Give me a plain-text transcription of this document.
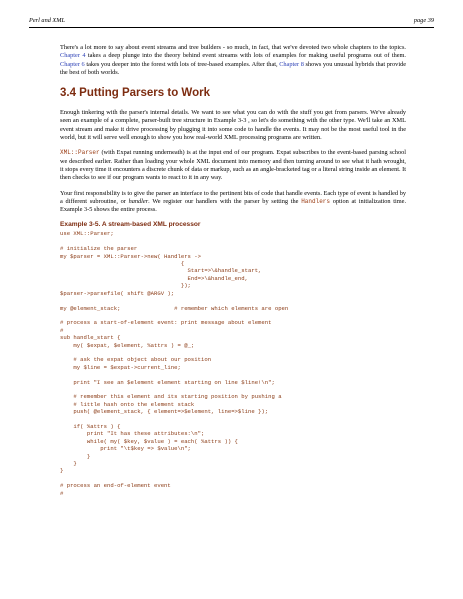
Perl and XML	page 39

There's a lot more to say about event streams and tree builders - so much, in fact, that we've devoted two whole chapters to the topics. Chapter 4 takes a deep plunge into the theory behind event streams with lots of examples for making useful programs out of them. Chapter 6 takes you deeper into the forest with lots of tree-based examples. After that, Chapter 8 shows you unusual hybrids that provide the best of both worlds.

3.4 Putting Parsers to Work

Enough tinkering with the parser's internal details. We want to see what you can do with the stuff you get from parsers. We've already seen an example of a complete, parser-built tree structure in Example 3-3 , so let's do something with the other type. We'll take an XML event stream and make it drive processing by plugging it into some code to handle the events. It may not be the most useful tool in the world, but it will serve well enough to show you how real-world XML processing programs are written.

XML::Parser (with Expat running underneath) is at the input end of our program. Expat subscribes to the event-based parsing school we described earlier. Rather than loading your whole XML document into memory and then turning around to see what it hath wrought, it stops every time it encounters a discrete chunk of data or markup, such as an angle-bracketed tag or a literal string inside an element. It then checks to see if our program wants to react to it in any way.

Your first responsibility is to give the parser an interface to the pertinent bits of code that handle events. Each type of event is handled by a different subroutine, or handler. We register our handlers with the parser by setting the Handlers option at initialization time. Example 3-5 shows the entire process.

Example 3-5. A stream-based XML processor
use XML::Parser;

# initialize the parser
my $parser = XML::Parser->new( Handlers ->
{
Start=>\&handle_start,
End=>\&handle_end,
});
$parser->parsefile( shift @ARGV );

my @element_stack;                # remember which elements are open

# process a start-of-element event: print message about element
#
sub handle_start {
my( $expat, $element, %attrs ) = @_;

# ask the expat object about our position
my $line = $expat->current_line;

print "I see an $element element starting on line $line!\n";

# remember this element and its starting position by pushing a
# little hash onto the element stack
push( @element_stack, { element=>$element, line=>$line });

if( %attrs ) {
print "It has these attributes:\n";
while( my( $key, $value ) = each( %attrs )) {
print "\t$key => $value\n";
}
}
}

# process an end-of-element event
#
